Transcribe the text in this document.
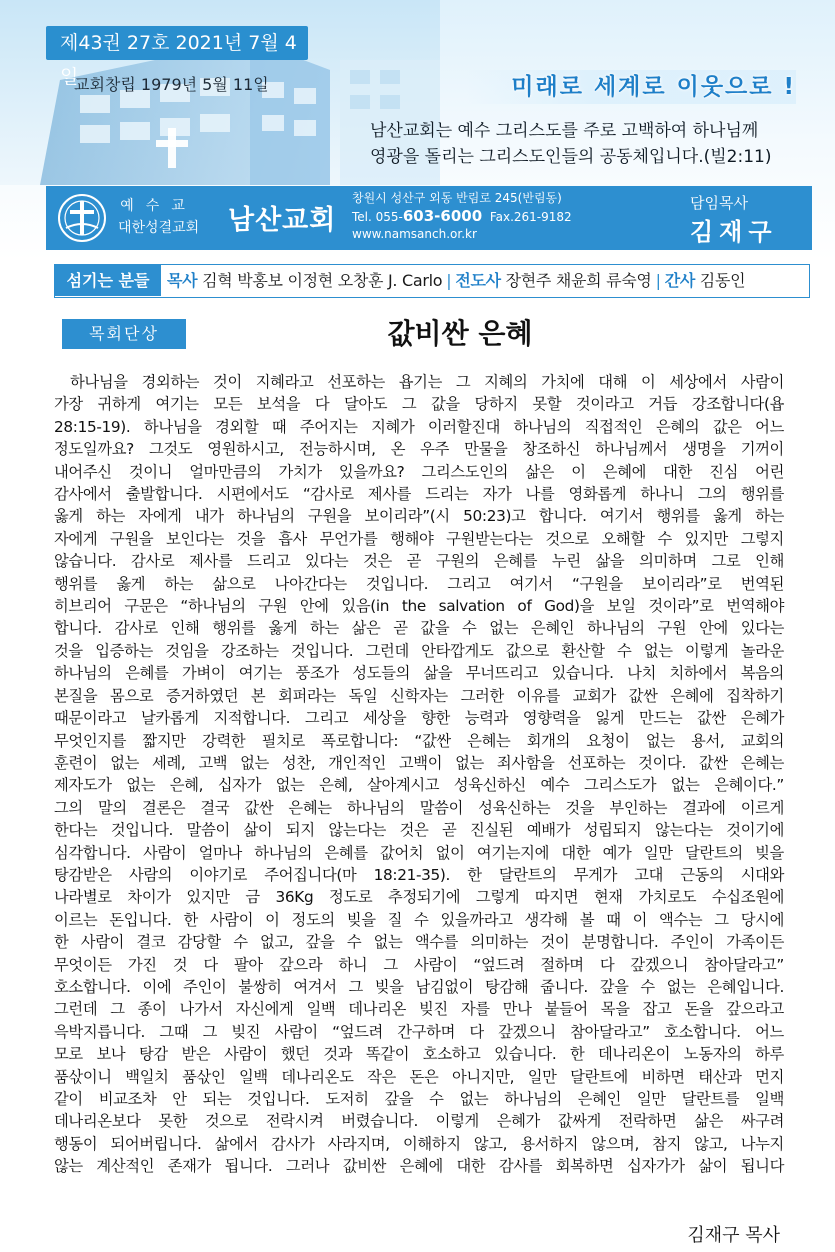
제43권 27호 2021년 7월 4일
교회창립 1979년 5월 11일	미래로 세계로 이웃으로 !
남산교회는 예수 그리스도를 주로 고백하여 하나님께
영광을 돌리는 그리스도인들의 공동체입니다.(빌2:11)
예수교
대한성결교회 남산교회
창원시 성산구 외동 반림로 245(반림동)
Tel. 055-603-6000 Fax.261-9182
www.namsanch.or.kr
담임목사
김재구
섬기는 분들	목사 김혁 박홍보 이정현 오창훈 J. Carlo | 전도사 장현주 채윤희 류숙영 | 간사 김동인
목회단상	값비싼 은혜
하나님을 경외하는 것이 지혜라고 선포하는 욥기는 그 지혜의 가치에 대해 이 세상에서 사람이
가장 귀하게 여기는 모든 보석을 다 달아도 그 값을 당하지 못할 것이라고 거듭 강조합니다(욥
28:15-19). 하나님을 경외할 때 주어지는 지혜가 이러할진대 하나님의 직접적인 은혜의 값은 어느
정도일까요? 그것도 영원하시고, 전능하시며, 온 우주 만물을 창조하신 하나님께서 생명을 기꺼이
내어주신 것이니 얼마만큼의 가치가 있을까요? 그리스도인의 삶은 이 은혜에 대한 진심 어린
감사에서 출발합니다. 시편에서도 “감사로 제사를 드리는 자가 나를 영화롭게 하나니 그의 행위를
옳게 하는 자에게 내가 하나님의 구원을 보이리라”(시 50:23)고 합니다. 여기서 행위를 옳게 하는
자에게 구원을 보인다는 것을 흡사 무언가를 행해야 구원받는다는 것으로 오해할 수 있지만 그렇지
않습니다. 감사로 제사를 드리고 있다는 것은 곧 구원의 은혜를 누린 삶을 의미하며 그로 인해
행위를 옳게 하는 삶으로 나아간다는 것입니다. 그리고 여기서 “구원을 보이리라”로 번역된
히브리어 구문은 “하나님의 구원 안에 있음(in the salvation of God)을 보일 것이라”로 번역해야
합니다. 감사로 인해 행위를 옳게 하는 삶은 곧 값을 수 없는 은혜인 하나님의 구원 안에 있다는
것을 입증하는 것임을 강조하는 것입니다. 그런데 안타깝게도 값으로 환산할 수 없는 이렇게 놀라운
하나님의 은혜를 가벼이 여기는 풍조가 성도들의 삶을 무너뜨리고 있습니다. 나치 치하에서 복음의
본질을 몸으로 증거하였던 본 회퍼라는 독일 신학자는 그러한 이유를 교회가 값싼 은혜에 집착하기
때문이라고 날카롭게 지적합니다. 그리고 세상을 향한 능력과 영향력을 잃게 만드는 값싼 은혜가
무엇인지를 짧지만 강력한 필치로 폭로합니다: “값싼 은혜는 회개의 요청이 없는 용서, 교회의
훈련이 없는 세례, 고백 없는 성찬, 개인적인 고백이 없는 죄사함을 선포하는 것이다. 값싼 은혜는
제자도가 없는 은혜, 십자가 없는 은혜, 살아계시고 성육신하신 예수 그리스도가 없는 은혜이다.”
그의 말의 결론은 결국 값싼 은혜는 하나님의 말씀이 성육신하는 것을 부인하는 결과에 이르게
한다는 것입니다. 말씀이 삶이 되지 않는다는 것은 곧 진실된 예배가 성립되지 않는다는 것이기에
심각합니다. 사람이 얼마나 하나님의 은혜를 값어치 없이 여기는지에 대한 예가 일만 달란트의 빚을
탕감받은 사람의 이야기로 주어집니다(마 18:21-35). 한 달란트의 무게가 고대 근동의 시대와
나라별로 차이가 있지만 금 36Kg 정도로 추정되기에 그렇게 따지면 현재 가치로도 수십조원에
이르는 돈입니다. 한 사람이 이 정도의 빚을 질 수 있을까라고 생각해 볼 때 이 액수는 그 당시에
한 사람이 결코 감당할 수 없고, 갚을 수 없는 액수를 의미하는 것이 분명합니다. 주인이 가족이든
무엇이든 가진 것 다 팔아 갚으라 하니 그 사람이 “엎드려 절하며 다 갚겠으니 참아달라고”
호소합니다. 이에 주인이 불쌍히 여겨서 그 빚을 남김없이 탕감해 줍니다. 갚을 수 없는 은혜입니다.
그런데 그 종이 나가서 자신에게 일백 데나리온 빚진 자를 만나 붙들어 목을 잡고 돈을 갚으라고
윽박지릅니다. 그때 그 빚진 사람이 “엎드려 간구하며 다 갚겠으니 참아달라고” 호소합니다. 어느
모로 보나 탕감 받은 사람이 했던 것과 똑같이 호소하고 있습니다. 한 데나리온이 노동자의 하루
품삯이니 백일치 품삯인 일백 데나리온도 작은 돈은 아니지만, 일만 달란트에 비하면 태산과 먼지
같이 비교조차 안 되는 것입니다. 도저히 갚을 수 없는 하나님의 은혜인 일만 달란트를 일백
데나리온보다 못한 것으로 전락시켜 버렸습니다. 이렇게 은혜가 값싸게 전락하면 삶은 싸구려
행동이 되어버립니다. 삶에서 감사가 사라지며, 이해하지 않고, 용서하지 않으며, 참지 않고, 나누지
않는 계산적인 존재가 됩니다. 그러나 값비싼 은혜에 대한 감사를 회복하면 십자가가 삶이 됩니다
김재구 목사
